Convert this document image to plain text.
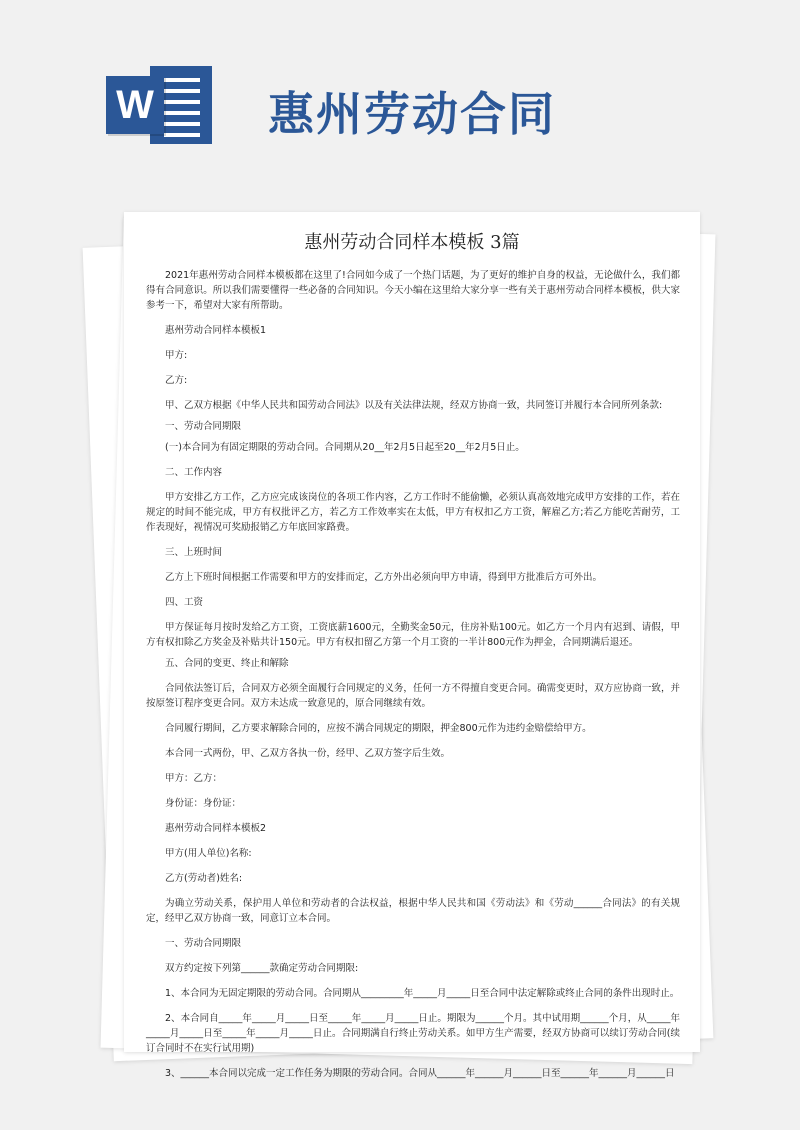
W 惠州劳动合同
惠州劳动合同样本模板 3篇

2021年惠州劳动合同样本模板都在这里了!合同如今成了一个热门话题，为了更好的维护自身的权益，无论做什么，我们都得有合同意识。所以我们需要懂得一些必备的合同知识。今天小编在这里给大家分享一些有关于惠州劳动合同样本模板，供大家参考一下，希望对大家有所帮助。

惠州劳动合同样本模板1

甲方:

乙方:

甲、乙双方根据《中华人民共和国劳动合同法》以及有关法律法规，经双方协商一致，共同签订并履行本合同所列条款:

一、劳动合同期限

(一)本合同为有固定期限的劳动合同。合同期从20__年2月5日起至20__年2月5日止。

二、工作内容

甲方安排乙方工作，乙方应完成该岗位的各项工作内容，乙方工作时不能偷懒，必须认真高效地完成甲方安排的工作，若在规定的时间不能完成，甲方有权批评乙方，若乙方工作效率实在太低，甲方有权扣乙方工资，解雇乙方;若乙方能吃苦耐劳，工作表现好，视情况可奖励报销乙方年底回家路费。

三、上班时间

乙方上下班时间根据工作需要和甲方的安排而定，乙方外出必须向甲方申请，得到甲方批准后方可外出。

四、工资

甲方保证每月按时发给乙方工资，工资底薪1600元，全勤奖金50元，住房补贴100元。如乙方一个月内有迟到、请假，甲方有权扣除乙方奖金及补贴共计150元。甲方有权扣留乙方第一个月工资的一半计800元作为押金，合同期满后退还。

五、合同的变更、终止和解除

合同依法签订后，合同双方必须全面履行合同规定的义务，任何一方不得擅自变更合同。确需变更时，双方应协商一致，并按原签订程序变更合同。双方未达成一致意见的，原合同继续有效。

合同履行期间，乙方要求解除合同的，应按不满合同规定的期限，押金800元作为违约金赔偿给甲方。

本合同一式两份，甲、乙双方各执一份，经甲、乙双方签字后生效。

甲方：乙方：

身份证：身份证：

惠州劳动合同样本模板2

甲方(用人单位)名称:

乙方(劳动者)姓名:

为确立劳动关系，保护用人单位和劳动者的合法权益，根据中华人民共和国《劳动法》和《劳动______合同法》的有关规定，经甲乙双方协商一致，同意订立本合同。

一、劳动合同期限

双方约定按下列第______款确定劳动合同期限:

1、本合同为无固定期限的劳动合同。合同期从_________年_____月_____日至合同中法定解除或终止合同的条件出现时止。

2、本合同自_____年_____月_____日至_____年_____月_____日止。期限为______个月。其中试用期______个月，从_____年_____月_____日至_____年_____月_____日止。合同期满自行终止劳动关系。如甲方生产需要，经双方协商可以续订劳动合同(续订合同时不在实行试用期)

3、______本合同以完成一定工作任务为期限的劳动合同。合同从______年______月______日至______年______月______日
